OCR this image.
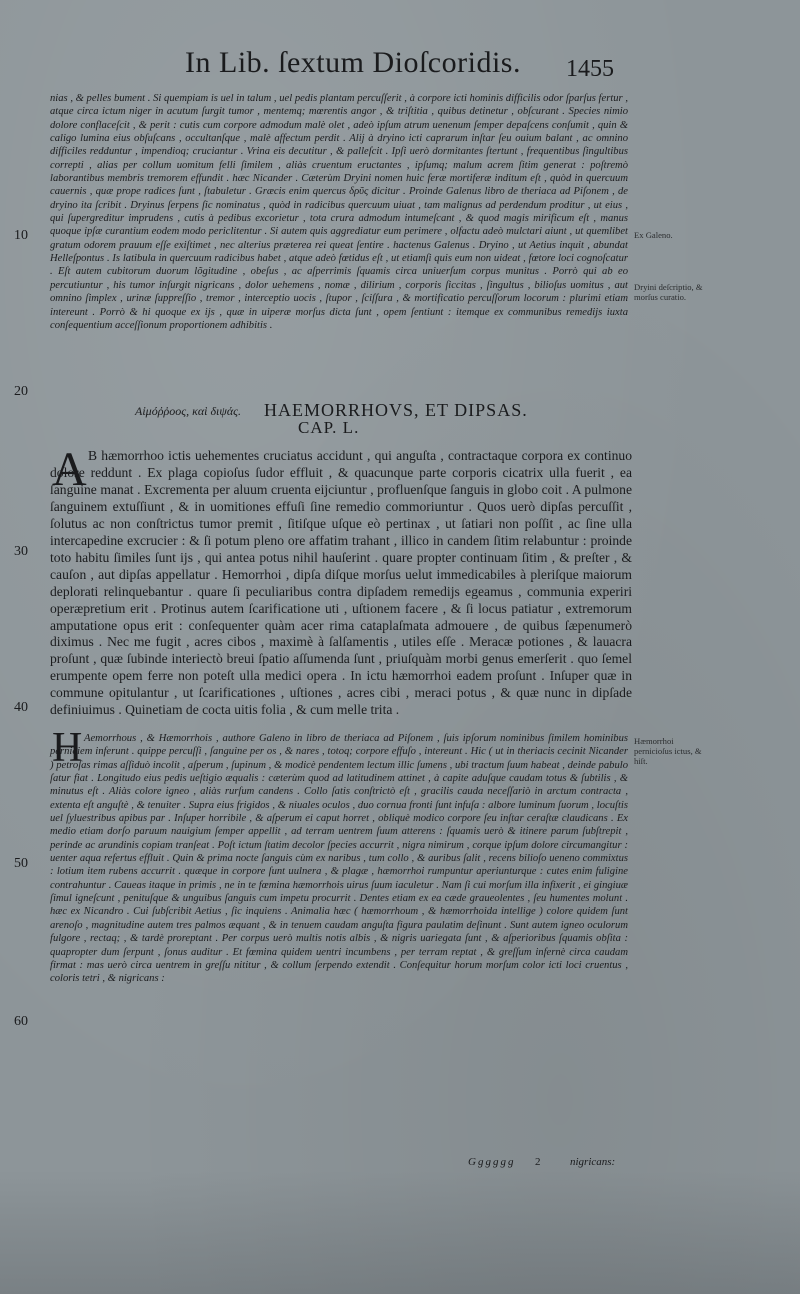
In Lib. ſextum Dioſcoridis. 1455
10
20
30
40
50
60

nias , & pelles bument . Si quempiam is uel in talum , uel pedis plantam percuſſerit , à corpore icti hominis difficilis odor ſparſus fertur , atque circa ictum niger in acutum ſurgit tumor , mentemq; mœrentis angor , & triſtitia , quibus detinetur , obſcurant . Species nimio dolore conflaceſcit , & perit : cutis cum corpore admodum malè olet , adeò ipſum atrum uenenum ſemper depaſcens conſumit , quin & caligo lumina eius obſuſcans , occultanſque , malè affectum perdit . Alij à dryino icti caprarum inſtar ſeu ouium balant , ac omnino difficiles redduntur , impendioq; cruciantur . Vrina eis decutitur , & palleſcit . Ipſi uerò dormitantes ſtertunt , frequentibus ſingultibus correpti , alias per collum uomitum felli ſimilem , aliàs cruentum eructantes , ipſumq; malum acrem ſitim generat : poſtremò laborantibus membris tremorem effundit . hæc Nicander . Cæterùm Dryini nomen huic feræ mortiferæ inditum eſt , quòd in quercuum cauernis , quæ prope radices ſunt , ſtabuletur . Græcis enim quercus δρῦς dicitur . Proinde Galenus libro de theriaca ad Piſonem , de dryino ita ſcribit . Dryinus ſerpens ſic nominatus , quòd in radicibus quercuum uiuat , tam malignus ad perdendum proditur , ut eius , qui ſupergreditur imprudens , cutis à pedibus excorietur , tota crura admodum intumeſcant , & quod magis mirificum eſt , manus quoque ipſæ curantium eodem modo periclitentur . Si autem quis aggrediatur eum perimere , olfactu adeò mulctari aiunt , ut quemlibet gratum odorem prauum eſſe exiſtimet , nec alterius præterea rei queat ſentire . hactenus Galenus . Dryino , ut Aetius inquit , abundat Helleſpontus . Is latibula in quercuum radicibus habet , atque adeò fœtidus eſt , ut etiamſi quis eum non uideat , fœtore loci cognoſcatur . Eſt autem cubitorum duorum lõgitudine , obeſus , ac aſperrimis ſquamis circa uniuerſum corpus munitus . Porrò qui ab eo percutiuntur , his tumor inſurgit nigricans , dolor uehemens , nomæ , dilirium , corporis ſiccitas , ſingultus , bilioſus uomitus , aut omnino ſimplex , urinæ ſuppreſſio , tremor , interceptio uocis , ſtupor , ſciſſura , & mortificatio percuſſorum locorum : plurimi etiam intereunt . Porrò & hi quoque ex ijs , quæ in uiperæ morſus dicta ſunt , opem ſentiunt : itemque ex communibus remedijs iuxta conſequentium acceſſionum proportionem adhibitis .

Ex Galeno.
Dryini deſcriptio, & morſus curatio.
Hæmorrhoi pernicioſus ictus, & hiſt.
Αἱμόῤῥοος, καὶ διψάς. HAEMORRHOVS, ET DIPSAS.
CAP. L.
A B hæmorrhoo ictis uehementes cruciatus accidunt , qui anguſta , contractaque corpora ex continuo dolore reddunt . Ex plaga copioſus ſudor effluit , & quacunque parte corporis cicatrix ulla fuerit , ea ſanguine manat . Excrementa per aluum cruenta eijciuntur , profluenſque ſanguis in globo coit . A pulmone ſanguinem extuſſiunt , & in uomitiones effuſi ſine remedio commoriuntur . Quos uerò dipſas percuſſit , ſolutus ac non conſtrictus tumor premit , ſitiſque uſque eò pertinax , ut ſatiari non poſſit , ac ſine ulla intercapedine excrucier : & ſi potum pleno ore affatim trahant , illico in candem ſitim relabuntur : proinde toto habitu ſimiles ſunt ijs , qui antea potus nihil hauſerint . quare propter continuam ſitim , & preſter , & cauſon , aut dipſas appellatur . Hemorrhoi , dipſa diſque morſus uelut immedicabiles à pleriſque maiorum deplorati relinquebantur . quare ſi peculiaribus contra dipſadem remedijs egeamus , communia experiri operæpretium erit . Protinus autem ſcarificatione uti , uſtionem facere , & ſi locus patiatur , extremorum amputatione opus erit : conſequenter quàm acer rima cataplaſmata admouere , de quibus ſæpenumerò diximus . Nec me fugit , acres cibos , maximè à ſalſamentis , utiles eſſe . Meracæ potiones , & lauacra proſunt , quæ ſubinde interiectò breui ſpatio aſſumenda ſunt , priuſquàm morbi genus emerſerit . quo ſemel erumpente opem ferre non poteſt ulla medici opera . In ictu hæmorrhoi eadem proſunt . Inſuper quæ in commune opitulantur , ut ſcarificationes , uſtiones , acres cibi , meraci potus , & quæ nunc in dipſade definiuimus . Quinetiam de cocta uitis folia , & cum melle trita .
H Aemorrhous , & Hæmorrhois , authore Galeno in libro de theriaca ad Piſonem , ſuis ipſorum nominibus ſimilem hominibus perniciem inferunt . quippe percuſſi , ſanguine per os , & nares , totoq; corpore effuſo , intereunt . Hic ( ut in theriacis cecinit Nicander ) petroſas rimas aſſiduò incolit , aſperum , ſupinum , & modicè pendentem lectum illic ſumens , ubi tractum ſuum habeat , deinde pabulo ſatur fiat . Longitudo eius pedis ueſtigio æqualis : cæterùm quod ad latitudinem attinet , à capite aduſque caudam totus & ſubtilis , & minutus eſt . Aliàs colore igneo , aliàs rurſum candens . Collo ſatis conſtrictò eſt , gracilis cauda neceſſariò in arctum contracta , extenta eſt anguſtè , & tenuiter . Supra eius frigidos , & niuales oculos , duo cornua fronti ſunt infuſa : albore luminum ſuorum , locuſtis uel ſyluestribus apibus par . Inſuper horribile , & aſperum ei caput horret , obliquè modico corpore ſeu inſtar ceraſtæ claudicans . Ex medio etiam dorſo paruum nauigium ſemper appellit , ad terram uentrem ſuum atterens : ſquamis uerò & itinere parum ſubſtrepit , perinde ac arundinis copiam tranſeat . Poſt ictum ſtatim decolor ſpecies accurrit , nigra nimirum , corque ipſum dolore circumangitur : uenter aqua refertus effluit . Quin & prima nocte ſanguis cùm ex naribus , tum collo , & auribus ſalit , recens bilioſo ueneno commixtus : lotium item rubens accurrit . quæque in corpore ſunt uulnera , & plagæ , hæmorrhoi rumpuntur aperiunturque : cutes enim fuligine contrahuntur . Caueas itaque in primis , ne in te fœmina hæmorrhois uirus ſuum iaculetur . Nam ſi cui morſum illa infixerit , ei gingiuæ ſimul igneſcunt , penituſque & unguibus ſanguis cum impetu procurrit . Dentes etiam ex ea cæde graueolentes , ſeu humentes molunt . hæc ex Nicandro . Cui ſubſcribit Aetius , ſic inquiens . Animalia hæc ( hæmorrhoum , & hæmorrhoida intellige ) colore quidem ſunt arenoſo , magnitudine autem tres palmos æquant , & in tenuem caudam anguſta figura paulatim deſinunt . Sunt autem igneo oculorum fulgore , rectaq; , & tardè proreptant . Per corpus uerò multis notis albis , & nigris uariegata ſunt , & aſperioribus ſquamis obſita : quapropter dum ſerpunt , ſonus auditur . Et fœmina quidem uentri incumbens , per terram reptat , & greſſum infernè circa caudam firmat : mas uerò circa uentrem in greſſu nititur , & collum ſerpendo extendit . Conſequitur horum morſum color icti loci cruentus , coloris tetri , & nigricans :

Gggggg 2	nigricans:
